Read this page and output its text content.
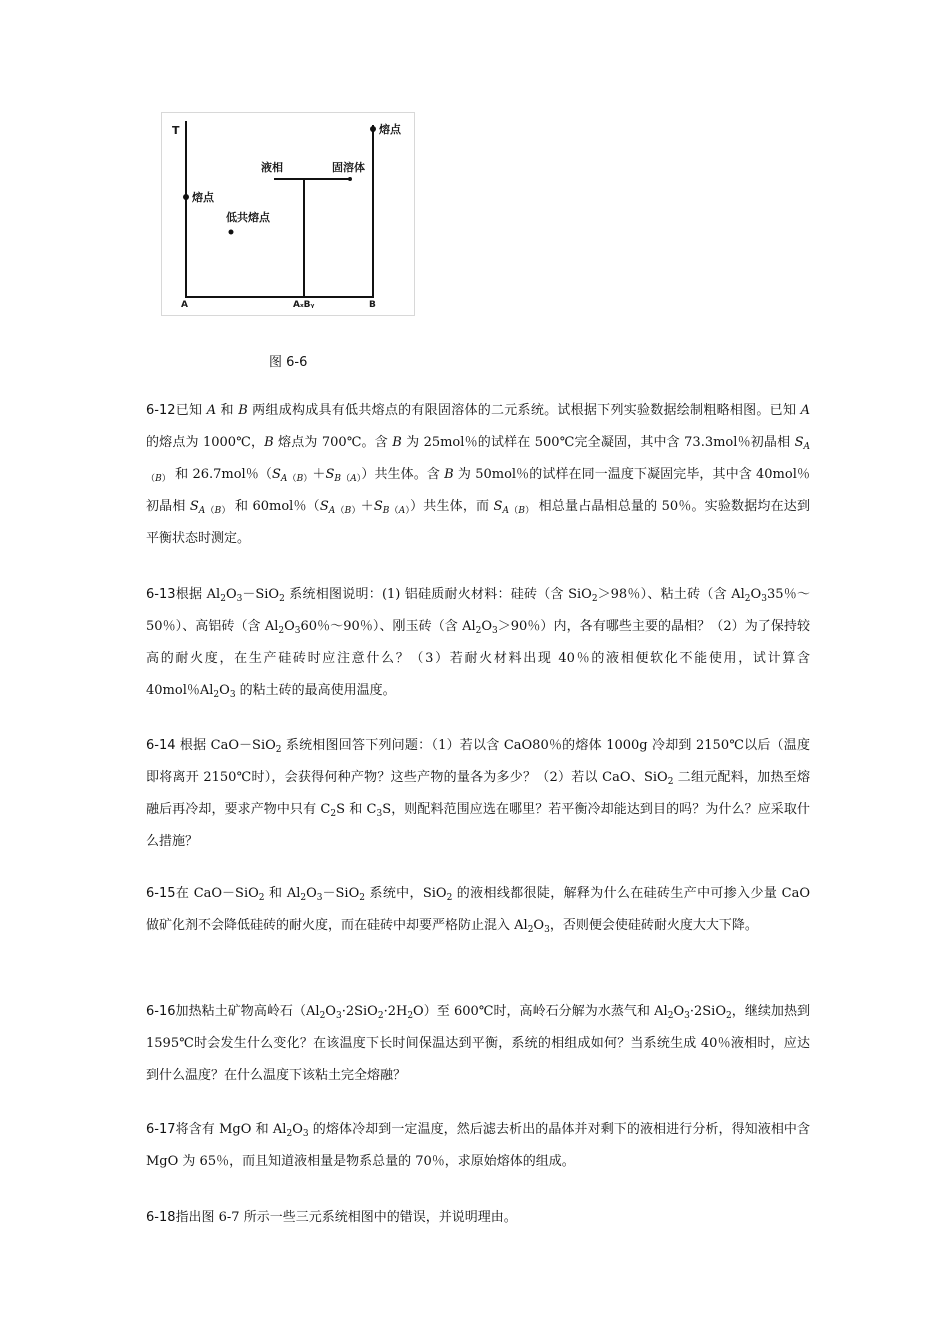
T	熔点
液相	固溶体
熔点
低共熔点
A	AₓBᵧ	B
图 6-6

6-12已知 A 和 B 两组成构成具有低共熔点的有限固溶体的二元系统。试根据下列实验数据绘制粗略相图。已知 A 的熔点为 1000℃，B 熔点为 700℃。含 B 为 25mol％的试样在 500℃完全凝固，其中含 73.3mol％初晶相 $S_{A(B)}$ 和 26.7mol％$(S_{A(B)}+S_{B(A)})$共生体。含 B 为 50mol％的试样在同一温度下凝固完毕，其中含 40mol％初晶相 $S_{A(B)}$ 和 60mol％$(S_{A(B)}+S_{B(A)})$共生体，而 $S_{A(B)}$ 相总量占晶相总量的 50％。实验数据均在达到平衡状态时测定。

6-13根据 $Al_2O_3-SiO_2$ 系统相图说明：(1) 铝硅质耐火材料：硅砖（含 SiO$_2$＞98％）、粘土砖（含 $Al_2O_335$％～50％）、高铝砖（含 $Al_2O_360$％～90％）、刚玉砖（含 $Al_2O_3>90$％）内，各有哪些主要的晶相？（2）为了保持较高的耐火度，在生产硅砖时应注意什么？（3）若耐火材料出现 40％的液相便软化不能使用，试计算含 40mol％$Al_2O_3$ 的粘土砖的最高使用温度。

6-14 根据 CaO－SiO$_2$ 系统相图回答下列问题：（1）若以含 CaO80％的熔体 1000g 冷却到 2150℃以后（温度即将离开 2150℃时），会获得何种产物？这些产物的量各为多少？（2）若以 CaO、SiO$_2$ 二组元配料，加热至熔融后再冷却，要求产物中只有 $C_2S$ 和 $C_3S$，则配料范围应选在哪里？若平衡冷却能达到目的吗？为什么？应采取什么措施？

6-15在 CaO－SiO$_2$ 和 $Al_2O_3-SiO_2$ 系统中，SiO$_2$ 的液相线都很陡，解释为什么在硅砖生产中可掺入少量 CaO 做矿化剂不会降低硅砖的耐火度，而在硅砖中却要严格防止混入 $Al_2O_3$，否则便会使硅砖耐火度大大下降。

6-16加热粘土矿物高岭石$(Al_2O_3\cdot 2SiO_2\cdot 2H_2O)$至 600℃时，高岭石分解为水蒸气和 $Al_2O_3\cdot 2SiO_2$，继续加热到 1595℃时会发生什么变化？在该温度下长时间保温达到平衡，系统的相组成如何？当系统生成 40％液相时，应达到什么温度？在什么温度下该粘土完全熔融？

6-17将含有 MgO 和 $Al_2O_3$ 的熔体冷却到一定温度，然后滤去析出的晶体并对剩下的液相进行分析，得知液相中含 MgO 为 65％，而且知道液相量是物系总量的 70％，求原始熔体的组成。

6-18指出图 6-7 所示一些三元系统相图中的错误，并说明理由。
